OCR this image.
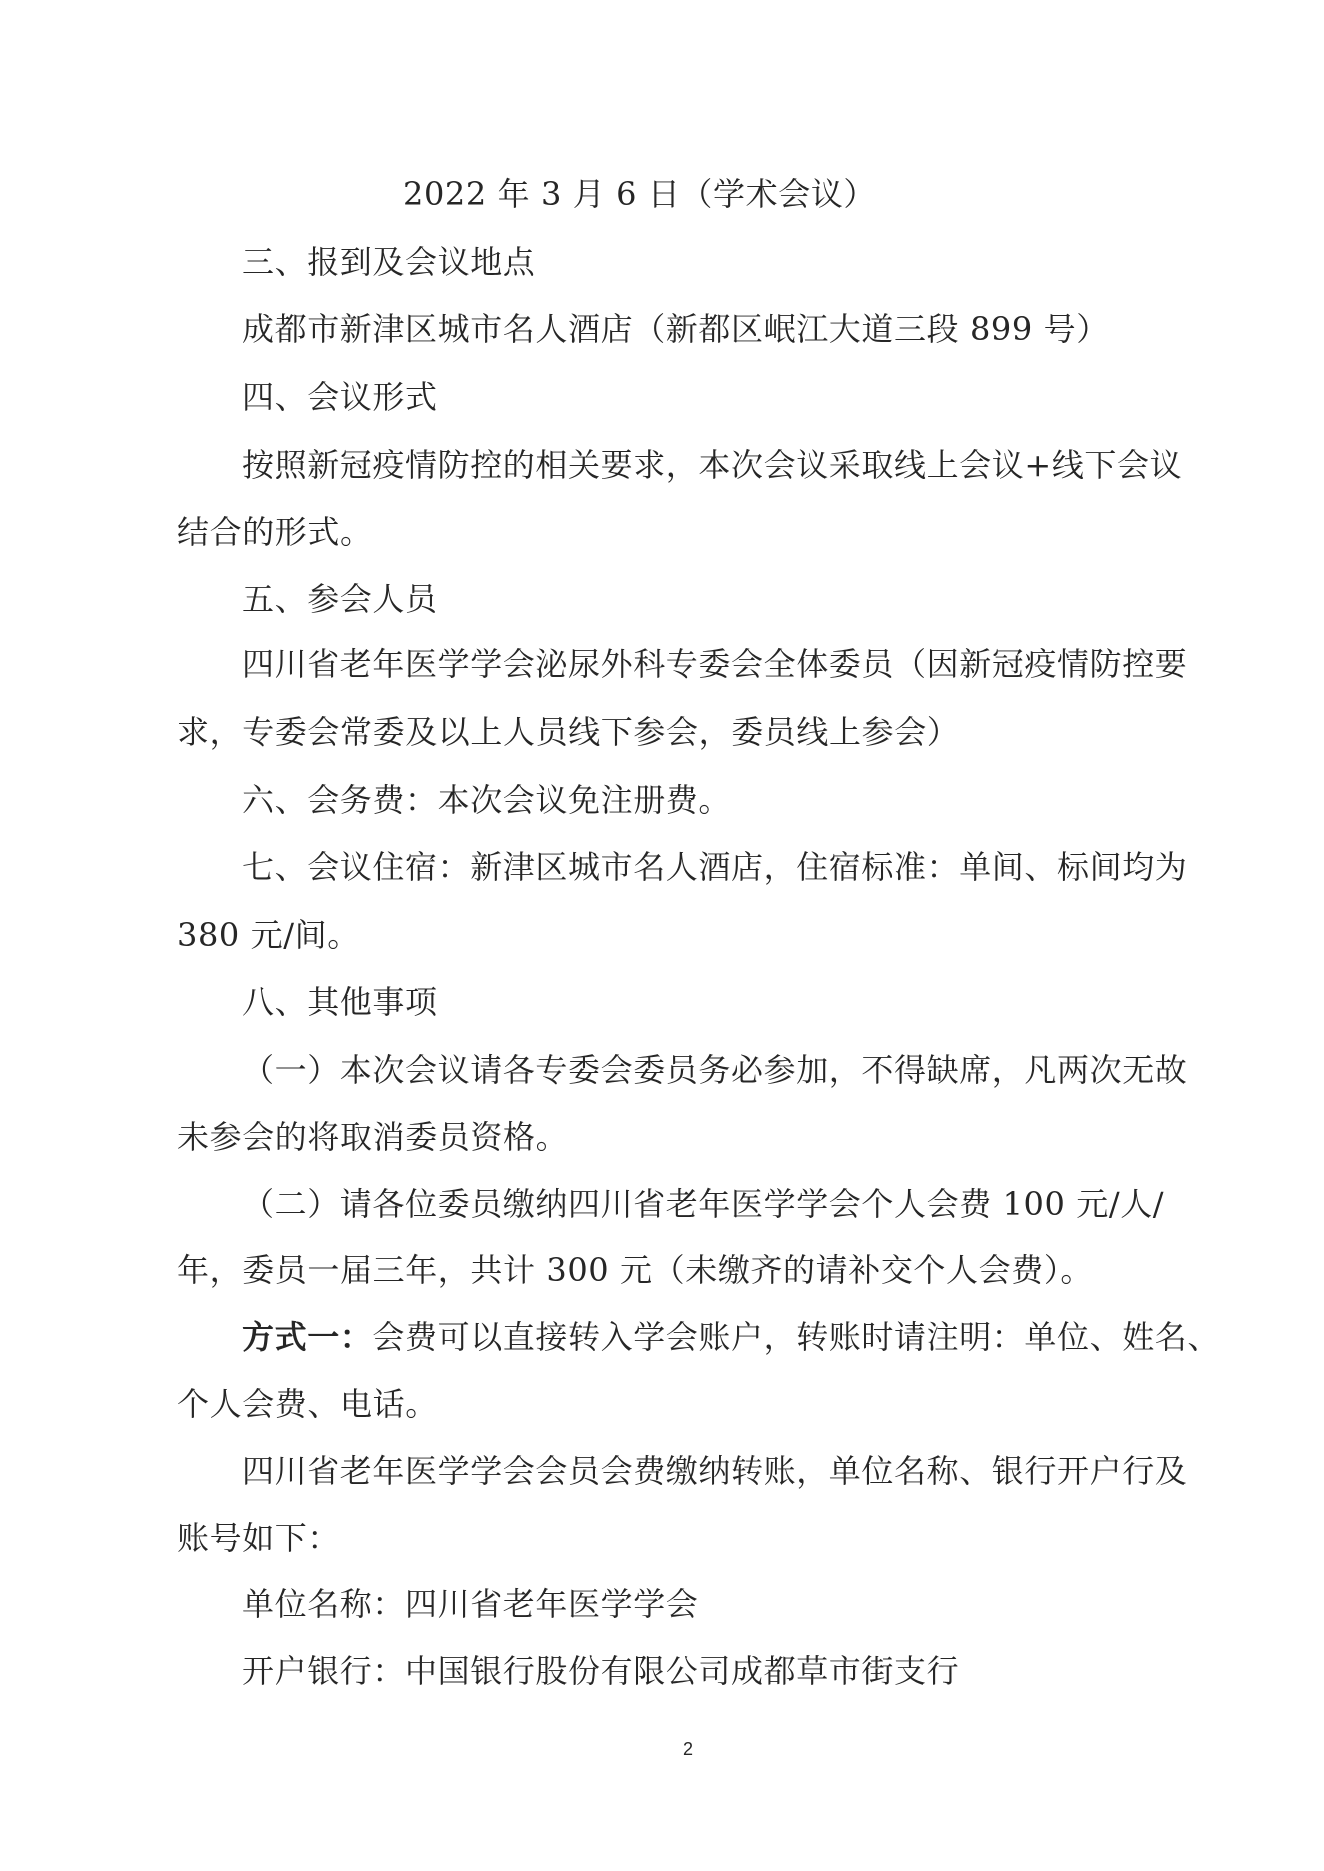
2022 年 3 月 6 日（学术会议）
三、报到及会议地点
成都市新津区城市名人酒店（新都区岷江大道三段 899 号）
四、会议形式
按照新冠疫情防控的相关要求，本次会议采取线上会议+线下会议
结合的形式。
五、参会人员
四川省老年医学学会泌尿外科专委会全体委员（因新冠疫情防控要
求，专委会常委及以上人员线下参会，委员线上参会）
六、会务费：本次会议免注册费。
七、会议住宿：新津区城市名人酒店，住宿标准：单间、标间均为
380 元/间。
八、其他事项
（一）本次会议请各专委会委员务必参加，不得缺席，凡两次无故
未参会的将取消委员资格。
（二）请各位委员缴纳四川省老年医学学会个人会费 100 元/人/
年，委员一届三年，共计 300 元（未缴齐的请补交个人会费）。
方式一：会费可以直接转入学会账户，转账时请注明：单位、姓名、
个人会费、电话。
四川省老年医学学会会员会费缴纳转账，单位名称、银行开户行及
账号如下：
单位名称：四川省老年医学学会
开户银行：中国银行股份有限公司成都草市街支行
2
